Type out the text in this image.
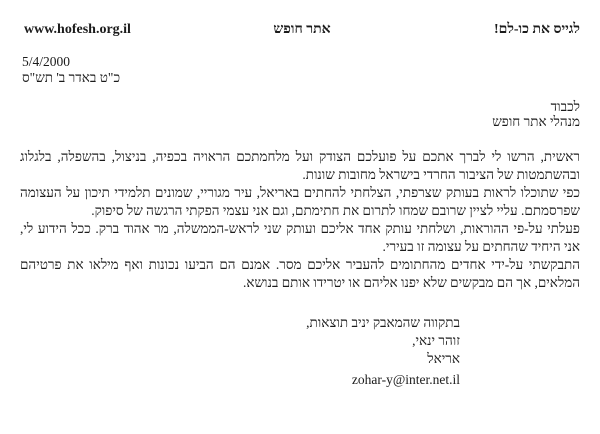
לגייס את כו-לם!
אתר חופש
www.hofesh.org.il
5/4/2000
כ"ט באדר ב' תש"ס
לכבוד
מנהלי אתר חופש

ראשית, הרשו לי לברך אתכם על פועלכם הצודק ועל מלחמתכם הראויה בכפיה, בניצול, בהשפלה, בלגלוג ובהשתמטות של הציבור החרדי בישראל מחובות שונות.

כפי שתוכלו לראות בעותק שצרפתי, הצלחתי להחתים באריאל, עיר מגוריי, שמונים תלמידי תיכון על העצומה שפרסמתם. עליי לציין שרובם שמחו לתרום את חתימתם, וגם אני עצמי הפקתי הרגשה של סיפוק.

פעלתי על-פי ההוראות, ושלחתי עותק אחד אליכם ועותק שני לראש-הממשלה, מר אהוד ברק. ככל הידוע לי, אני היחיד שהחתים על עצומה זו בעירי.

התבקשתי על-ידי אחדים מהחתומים להעביר אליכם מסר. אמנם הם הביעו נכונות ואף מילאו את פרטיהם המלאים, אך הם מבקשים שלא יפנו אליהם או יטרידו אותם בנושא.

בתקווה שהמאבק יניב תוצאות,
זוהר ינאי,
אריאל
zohar-y@inter.net.il
